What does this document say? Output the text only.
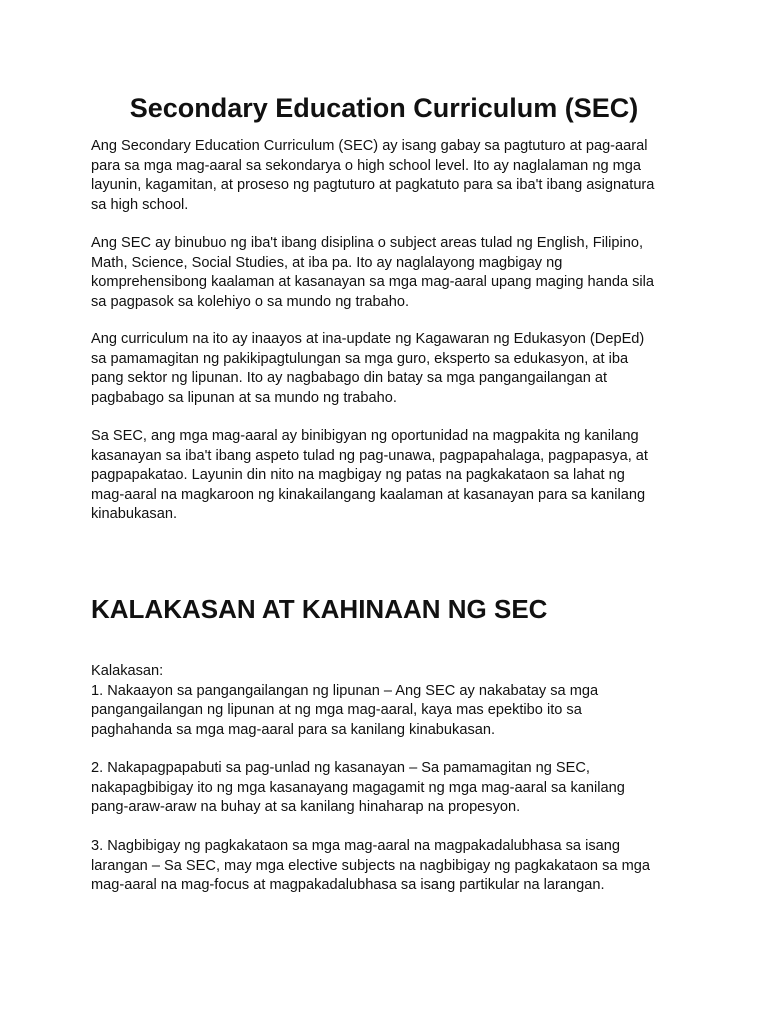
Secondary Education Curriculum (SEC)

Ang Secondary Education Curriculum (SEC) ay isang gabay sa pagtuturo at pag-aaral
para sa mga mag-aaral sa sekondarya o high school level. Ito ay naglalaman ng mga
layunin, kagamitan, at proseso ng pagtuturo at pagkatuto para sa iba't ibang asignatura
sa high school.

Ang SEC ay binubuo ng iba't ibang disiplina o subject areas tulad ng English, Filipino,
Math, Science, Social Studies, at iba pa. Ito ay naglalayong magbigay ng
komprehensibong kaalaman at kasanayan sa mga mag-aaral upang maging handa sila
sa pagpasok sa kolehiyo o sa mundo ng trabaho.

Ang curriculum na ito ay inaayos at ina-update ng Kagawaran ng Edukasyon (DepEd)
sa pamamagitan ng pakikipagtulungan sa mga guro, eksperto sa edukasyon, at iba
pang sektor ng lipunan. Ito ay nagbabago din batay sa mga pangangailangan at
pagbabago sa lipunan at sa mundo ng trabaho.

Sa SEC, ang mga mag-aaral ay binibigyan ng oportunidad na magpakita ng kanilang
kasanayan sa iba't ibang aspeto tulad ng pag-unawa, pagpapahalaga, pagpapasya, at
pagpapakatao. Layunin din nito na magbigay ng patas na pagkakataon sa lahat ng
mag-aaral na magkaroon ng kinakailangang kaalaman at kasanayan para sa kanilang
kinabukasan.

KALAKASAN AT KAHINAAN NG SEC

Kalakasan:
1. Nakaayon sa pangangailangan ng lipunan – Ang SEC ay nakabatay sa mga
pangangailangan ng lipunan at ng mga mag-aaral, kaya mas epektibo ito sa
paghahanda sa mga mag-aaral para sa kanilang kinabukasan.

2. Nakapagpapabuti sa pag-unlad ng kasanayan – Sa pamamagitan ng SEC,
nakapagbibigay ito ng mga kasanayang magagamit ng mga mag-aaral sa kanilang
pang-araw-araw na buhay at sa kanilang hinaharap na propesyon.

3. Nagbibigay ng pagkakataon sa mga mag-aaral na magpakadalubhasa sa isang
larangan – Sa SEC, may mga elective subjects na nagbibigay ng pagkakataon sa mga
mag-aaral na mag-focus at magpakadalubhasa sa isang partikular na larangan.
